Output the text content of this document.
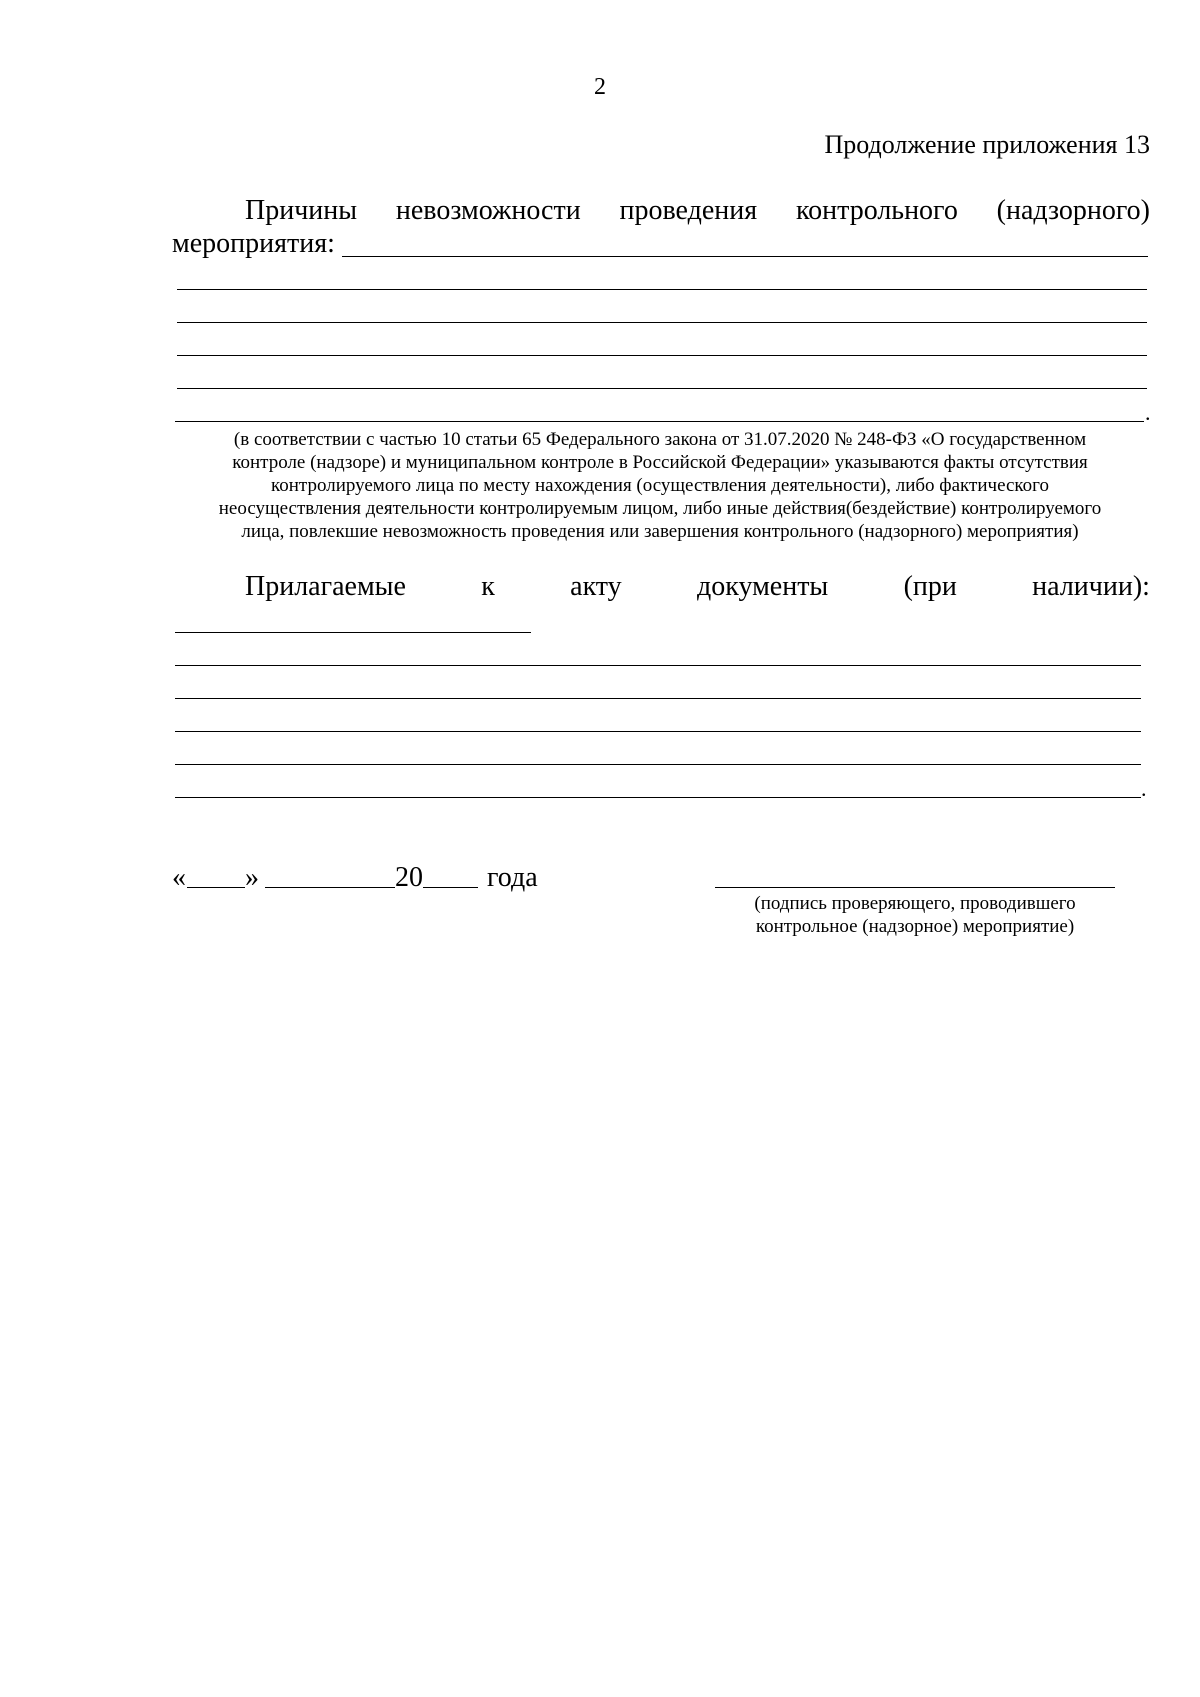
2
Продолжение приложения 13
Причины невозможности проведения контрольного (надзорного)
мероприятия:
.
(в соответствии с частью 10 статьи 65 Федерального закона от 31.07.2020 № 248-ФЗ «О государственном
контроле (надзоре) и муниципальном контроле в Российской Федерации» указываются факты отсутствия
контролируемого лица по месту нахождения (осуществления деятельности), либо фактического
неосуществления деятельности контролируемым лицом, либо иные действия(бездействие) контролируемого
лица, повлекшие невозможность проведения или завершения контрольного (надзорного) мероприятия)
Прилагаемые	к	акту	документы	(при	наличии):
.
« »	20 года
(подпись проверяющего, проводившего
контрольное (надзорное) мероприятие)
